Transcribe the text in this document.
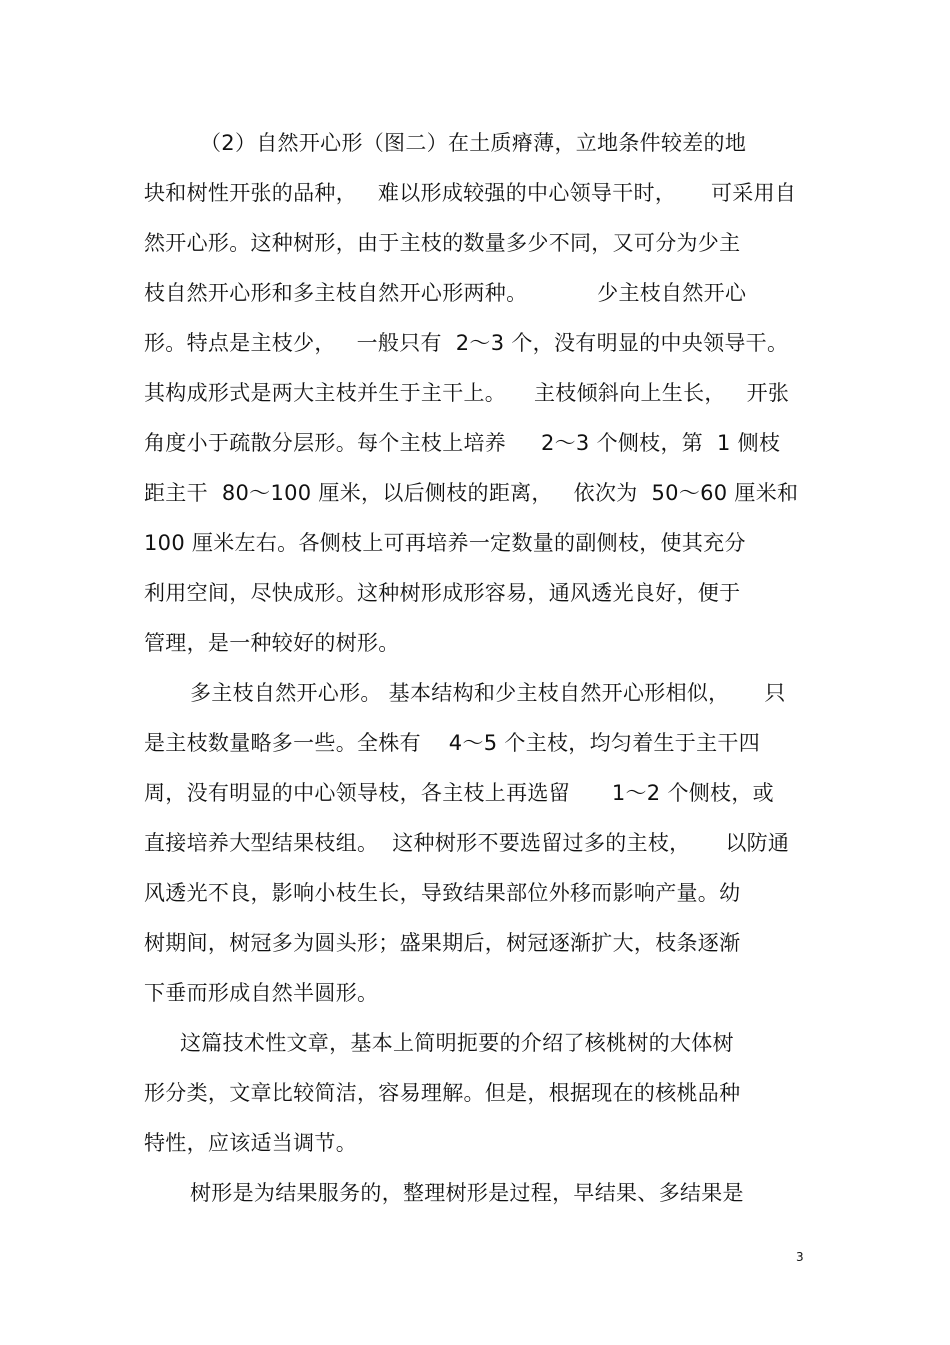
（2）自然开心形（图二）在土质瘠薄，立地条件较差的地
块和树性开张的品种，   难以形成较强的中心领导干时，     可采用自
然开心形。这种树形，由于主枝的数量多少不同，又可分为少主
枝自然开心形和多主枝自然开心形两种。          少主枝自然开心
形。特点是主枝少，   一般只有  2～3 个，没有明显的中央领导干。
其构成形式是两大主枝并生于主干上。    主枝倾斜向上生长，   开张
角度小于疏散分层形。每个主枝上培养     2～3 个侧枝，第  1 侧枝
距主干  80～100 厘米，以后侧枝的距离，   依次为  50～60 厘米和
100 厘米左右。各侧枝上可再培养一定数量的副侧枝，使其充分
利用空间，尽快成形。这种树形成形容易，通风透光良好，便于
管理，是一种较好的树形。
多主枝自然开心形。 基本结构和少主枝自然开心形相似，     只
是主枝数量略多一些。全株有    4～5 个主枝，均匀着生于主干四
周，没有明显的中心领导枝，各主枝上再选留      1～2 个侧枝，或
直接培养大型结果枝组。  这种树形不要选留过多的主枝，     以防通
风透光不良，影响小枝生长，导致结果部位外移而影响产量。幼
树期间，树冠多为圆头形；盛果期后，树冠逐渐扩大，枝条逐渐
下垂而形成自然半圆形。
这篇技术性文章，基本上简明扼要的介绍了核桃树的大体树
形分类，文章比较简洁，容易理解。但是，根据现在的核桃品种
特性，应该适当调节。
树形是为结果服务的，整理树形是过程，早结果、多结果是
3
